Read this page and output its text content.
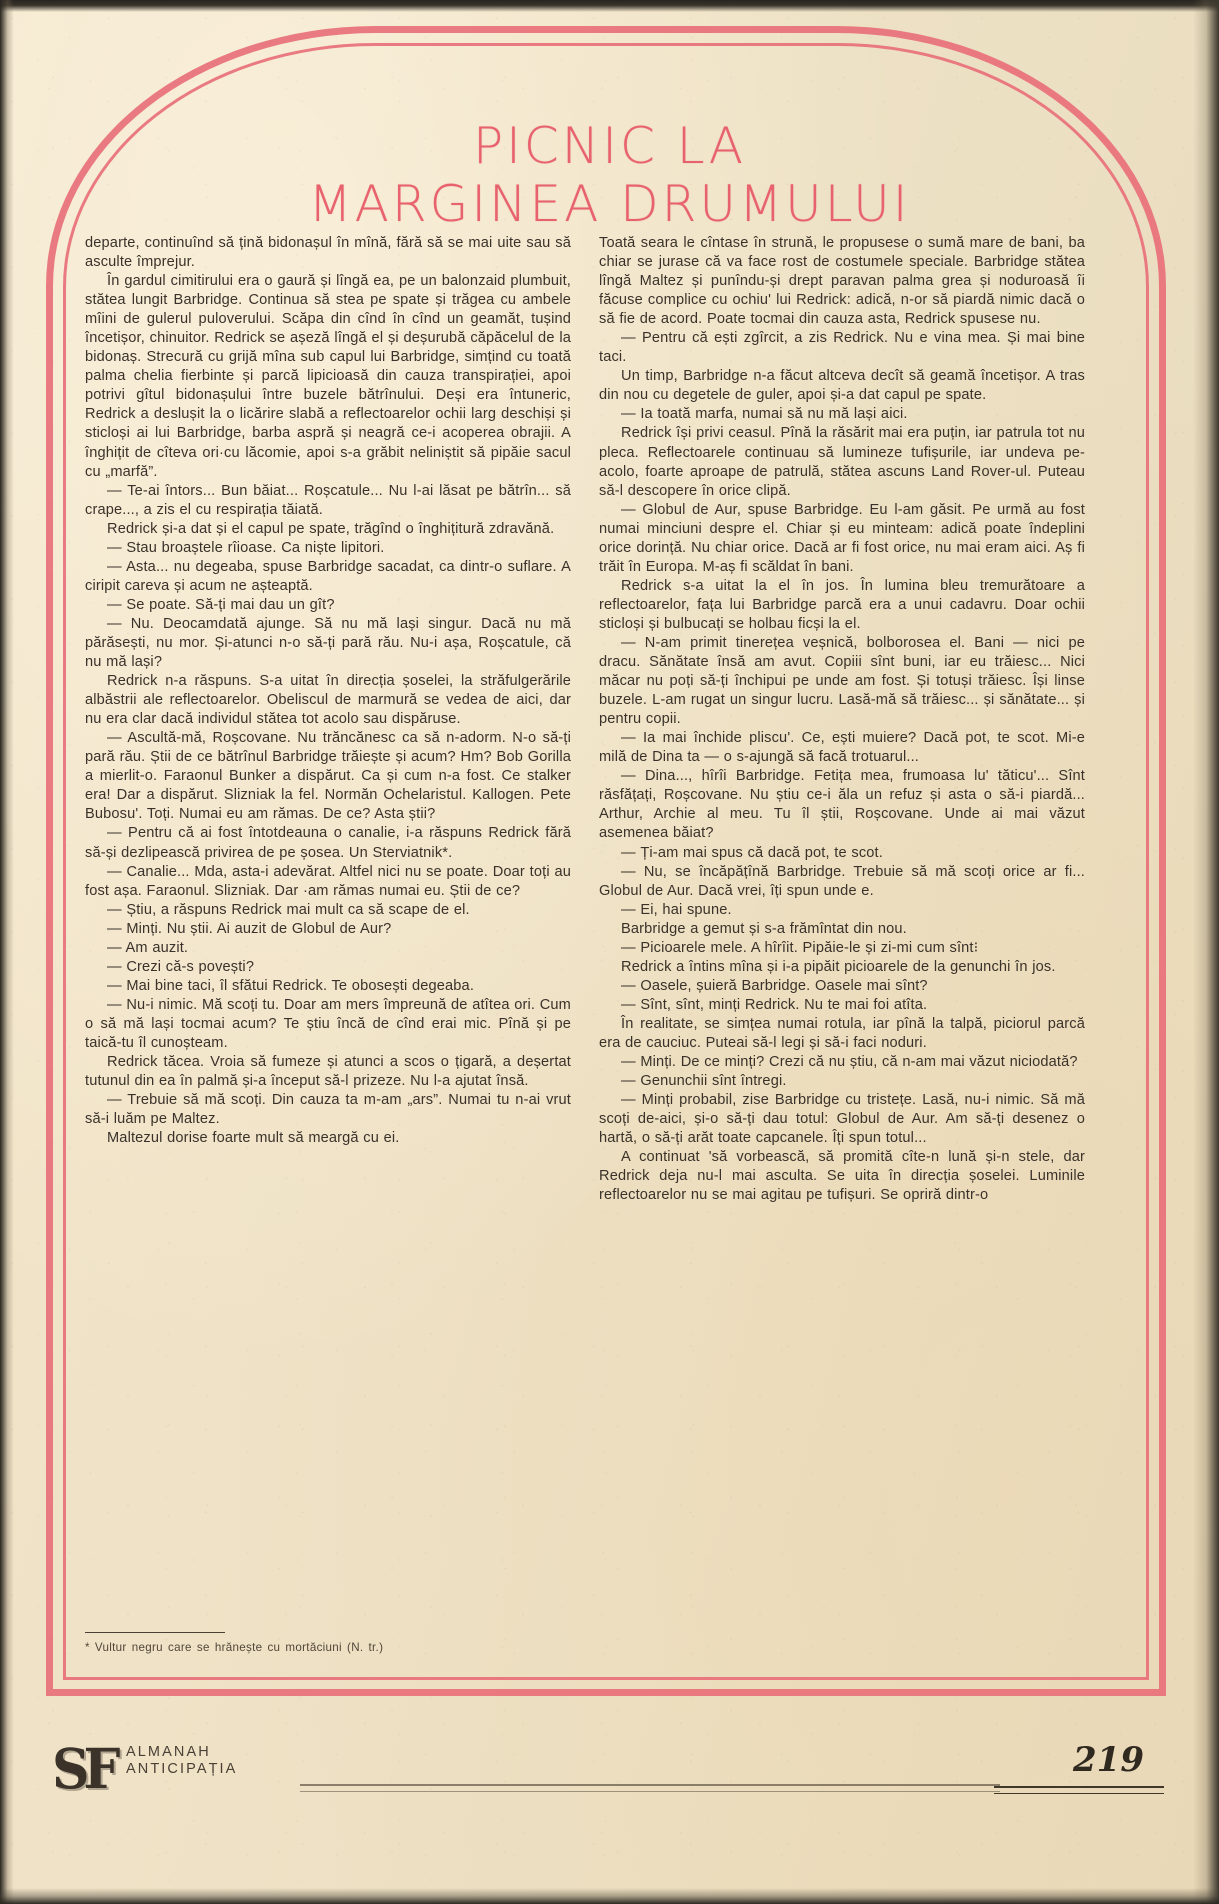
PICNIC LA
MARGINEA DRUMULUI

departe, continuînd să țină bidonașul în mînă, fără să se mai uite sau să asculte împrejur.

În gardul cimitirului era o gaură și lîngă ea, pe un balonzaid plumbuit, stătea lungit Barbridge. Continua să stea pe spate și trăgea cu ambele mîini de gulerul puloverului. Scăpa din cînd în cînd un geamăt, tușind încetișor, chinuitor. Redrick se așeză lîngă el și deșurubă căpăcelul de la bidonaș. Strecură cu grijă mîna sub capul lui Barbridge, simțind cu toată palma chelia fierbinte și parcă lipicioasă din cauza transpirației, apoi potrivi gîtul bidonașului între buzele bătrînului. Deși era întuneric, Redrick a deslușit la o licărire slabă a reflectoarelor ochii larg deschiși și sticloși ai lui Barbridge, barba aspră și neagră ce-i acoperea obrajii. A înghițit de cîteva ori·cu lăcomie, apoi s-a grăbit neliniștit să pipăie sacul cu „marfă”.

— Te-ai întors... Bun băiat... Roșcatule... Nu l-ai lăsat pe bătrîn... să crape..., a zis el cu respirația tăiată.

Redrick și-a dat și el capul pe spate, trăgînd o înghițitură zdravănă.

— Stau broaștele rîioase. Ca niște lipitori.

— Asta... nu degeaba, spuse Barbridge sacadat, ca dintr-o suflare. A ciripit careva și acum ne așteaptă.

— Se poate. Să-ți mai dau un gît?

— Nu. Deocamdată ajunge. Să nu mă lași singur. Dacă nu mă părăsești, nu mor. Și-atunci n-o să-ți pară rău. Nu-i așa, Roșcatule, că nu mă lași?

Redrick n-a răspuns. S-a uitat în direcția șoselei, la străfulgerările albăstrii ale reflectoarelor. Obeliscul de marmură se vedea de aici, dar nu era clar dacă individul stătea tot acolo sau dispăruse.

— Ascultă-mă, Roșcovane. Nu trăncănesc ca să n-adorm. N-o să-ți pară rău. Știi de ce bătrînul Barbridge trăiește și acum? Hm? Bob Gorilla a mierlit-o. Faraonul Bunker a dispărut. Ca și cum n-a fost. Ce stalker era! Dar a dispărut. Slizniak la fel. Normăn Ochelaristul. Kallogen. Pete Bubosu'. Toți. Numai eu am rămas. De ce? Asta știi?

— Pentru că ai fost întotdeauna o canalie, i-a răspuns Redrick fără să-și dezlipească privirea de pe șosea. Un Sterviatnik*.

— Canalie... Mda, asta-i adevărat. Altfel nici nu se poate. Doar toți au fost așa. Faraonul. Slizniak. Dar ·am rămas numai eu. Știi de ce?

— Știu, a răspuns Redrick mai mult ca să scape de el.

— Minți. Nu știi. Ai auzit de Globul de Aur?

— Am auzit.

— Crezi că-s povești?

— Mai bine taci, îl sfătui Redrick. Te obosești degeaba.

— Nu-i nimic. Mă scoți tu. Doar am mers împreună de atîtea ori. Cum o să mă lași tocmai acum? Te știu încă de cînd erai mic. Pînă și pe taică-tu îl cunoșteam.

Redrick tăcea. Vroia să fumeze și atunci a scos o țigară, a deșertat tutunul din ea în palmă și-a început să-l prizeze. Nu l-a ajutat însă.

— Trebuie să mă scoți. Din cauza ta m-am „ars”. Numai tu n-ai vrut să-i luăm pe Maltez.

Maltezul dorise foarte mult să meargă cu ei.

Toată seara le cîntase în strună, le propusese o sumă mare de bani, ba chiar se jurase că va face rost de costumele speciale. Barbridge stătea lîngă Maltez și punîndu-și drept paravan palma grea și noduroasă îi făcuse complice cu ochiu' lui Redrick: adică, n-or să piardă nimic dacă o să fie de acord. Poate tocmai din cauza asta, Redrick spusese nu.

— Pentru că ești zgîrcit, a zis Redrick. Nu e vina mea. Și mai bine taci.

Un timp, Barbridge n-a făcut altceva decît să geamă încetișor. A tras din nou cu degetele de guler, apoi și-a dat capul pe spate.

— Ia toată marfa, numai să nu mă lași aici.

Redrick își privi ceasul. Pînă la răsărit mai era puțin, iar patrula tot nu pleca. Reflectoarele continuau să lumineze tufișurile, iar undeva pe-acolo, foarte aproape de patrulă, stătea ascuns Land Rover-ul. Puteau să-l descopere în orice clipă.

— Globul de Aur, spuse Barbridge. Eu l-am găsit. Pe urmă au fost numai minciuni despre el. Chiar și eu minteam: adică poate îndeplini orice dorință. Nu chiar orice. Dacă ar fi fost orice, nu mai eram aici. Aș fi trăit în Europa. M-aș fi scăldat în bani.

Redrick s-a uitat la el în jos. În lumina bleu tremurătoare a reflectoarelor, fața lui Barbridge parcă era a unui cadavru. Doar ochii sticloși și bulbucați se holbau ficși la el.

— N-am primit tinerețea veșnică, bolborosea el. Bani — nici pe dracu. Sănătate însă am avut. Copiii sînt buni, iar eu trăiesc... Nici măcar nu poți să-ți închipui pe unde am fost. Și totuși trăiesc. Își linse buzele. L-am rugat un singur lucru. Lasă-mă să trăiesc... și sănătate... și pentru copii.

— Ia mai închide pliscu'. Ce, ești muiere? Dacă pot, te scot. Mi-e milă de Dina ta — o s-ajungă să facă trotuarul...

— Dina..., hîrîi Barbridge. Fetița mea, frumoasa lu' tăticu'... Sînt răsfățați, Roșcovane. Nu știu ce-i ăla un refuz și asta o să-i piardă... Arthur, Archie al meu. Tu îl știi, Roșcovane. Unde ai mai văzut asemenea băiat?

— Ți-am mai spus că dacă pot, te scot.

— Nu, se încăpățînă Barbridge. Trebuie să mă scoți orice ar fi... Globul de Aur. Dacă vrei, îți spun unde e.

— Ei, hai spune.

Barbridge a gemut și s-a frămîntat din nou.

— Picioarele mele. A hîrîit. Pipăie-le și zi-mi cum sînt⁝

Redrick a întins mîna și i-a pipăit picioarele de la genunchi în jos.

— Oasele, șuieră Barbridge. Oasele mai sînt?

— Sînt, sînt, minți Redrick. Nu te mai foi atîta.

În realitate, se simțea numai rotula, iar pînă la talpă, piciorul parcă era de cauciuc. Puteai să-l legi și să-i faci noduri.

— Minți. De ce minți? Crezi că nu știu, că n-am mai văzut niciodată?

— Genunchii sînt întregi.

— Minți probabil, zise Barbridge cu tristețe. Lasă, nu-i nimic. Să mă scoți de-aici, și-o să-ți dau totul: Globul de Aur. Am să-ți desenez o hartă, o să-ți arăt toate capcanele. Îți spun totul...

A continuat 'să vorbească, să promită cîte-n lună și-n stele, dar Redrick deja nu-l mai asculta. Se uita în direcția șoselei. Luminile reflectoarelor nu se mai agitau pe tufișuri. Se opriră dintr-o

* Vultur negru care se hrănește cu mortăciuni (N. tr.)
SF ALMANAH
ANTICIPAȚIA	219
